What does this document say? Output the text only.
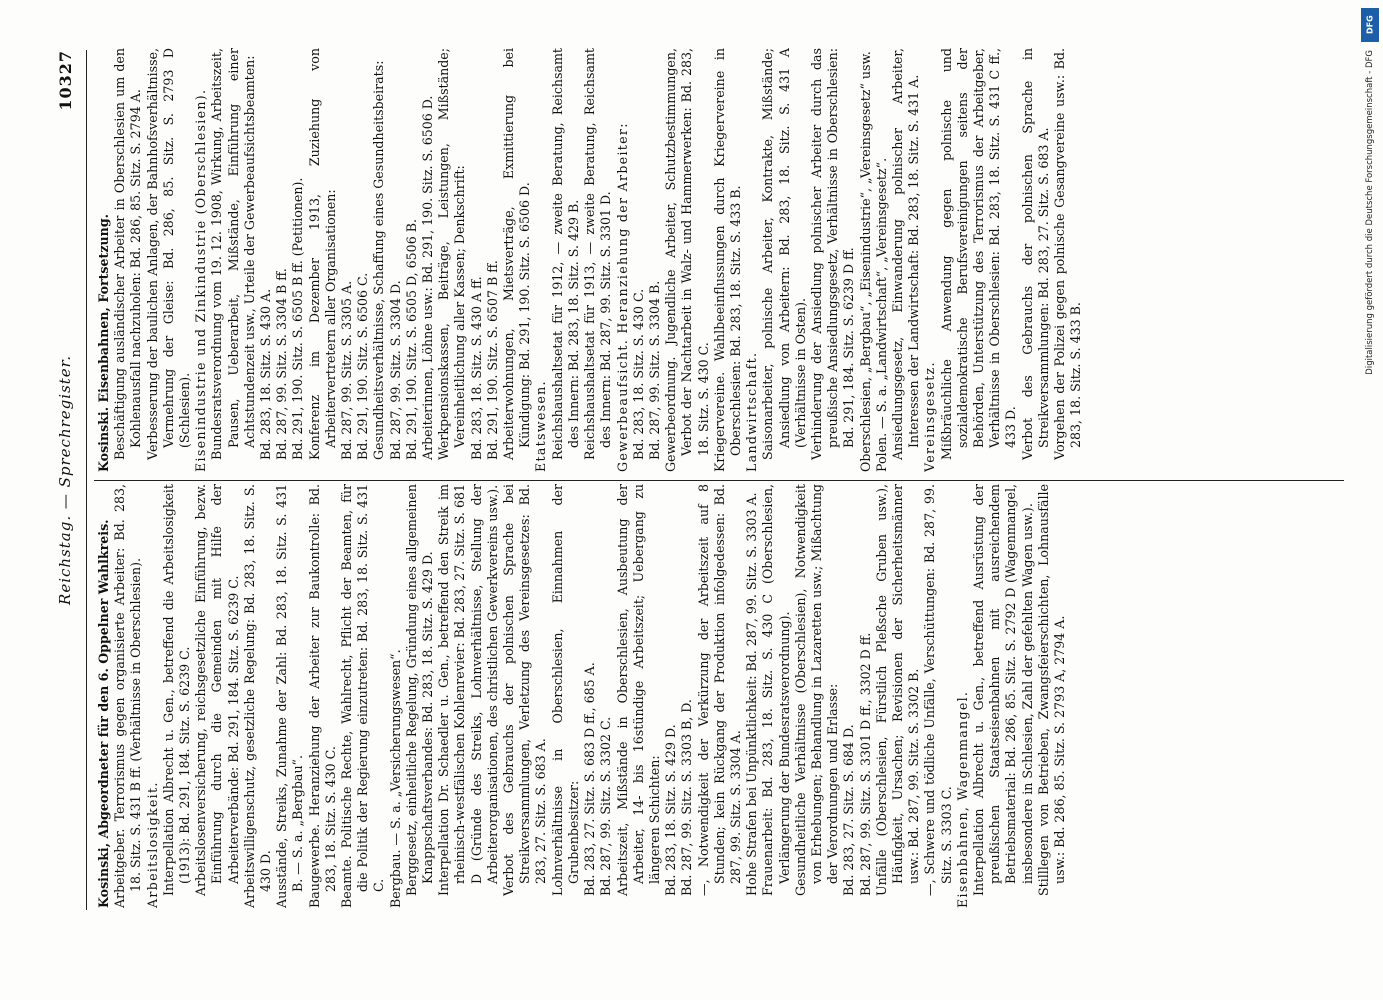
Reichstag. — Sprechregister.
10327

Kosinski, Abgeordneter für den 6. Oppelner Wahlkreis. Arbeitgeber. Terrorismus gegen organisierte Arbeiter: Bd. 283, 18. Sitz. S. 431 B ff. (Verhältnisse in Oberschlesien). Arbeitslosigkeit. Interpellation Albrecht u. Gen., betreffend die Arbeitslosigkeit (1913): Bd. 291, 184. Sitz. S. 6239 C. Arbeitslosenversicherung, reichsgesetzliche Einführung, bezw. Einführung durch die Gemeinden mit Hilfe der Arbeiterverbände: Bd. 291, 184. Sitz. S. 6239 C. Arbeitswilligenschutz, gesetzliche Regelung: Bd. 283, 18. Sitz. S. 430 D. Ausstände, Streiks, Zunahme der Zahl: Bd. 283, 18. Sitz. S. 431 B. — S. a. „Bergbau“. Baugewerbe. Heranziehung der Arbeiter zur Baukontrolle: Bd. 283, 18. Sitz. S. 430 C. Beamte. Politische Rechte, Wahlrecht, Pflicht der Beamten, für die Politik der Regierung einzutreten: Bd. 283, 18. Sitz. S. 431 C. Bergbau. — S. a. „Versicherungswesen“. Berggesetz, einheitliche Regelung, Gründung eines allgemeinen Knappschaftsverbandes: Bd. 283, 18. Sitz. S. 429 D. Interpellation Dr. Schaedler u. Gen., betreffend den Streik im rheinisch-westfälischen Kohlenrevier: Bd. 283, 27. Sitz. S. 681 D (Gründe des Streiks, Lohnverhältnisse, Stellung der Arbeiterorganisationen, des christlichen Gewerkvereins usw.). Verbot des Gebrauchs der polnischen Sprache bei Streikversammlungen, Verletzung des Vereinsgesetzes: Bd. 283, 27. Sitz. S. 683 A. Lohnverhältnisse in Oberschlesien, Einnahmen der Grubenbesitzer: Bd. 283, 27. Sitz. S. 683 D ff., 685 A. Bd. 287, 99. Sitz. S. 3302 C. Arbeitszeit, Mißstände in Oberschlesien, Ausbeutung der Arbeiter, 14- bis 16stündige Arbeitszeit; Uebergang zu längeren Schichten: Bd. 283, 18. Sitz. S. 429 D. Bd. 287, 99. Sitz. S. 3303 B, D. —, Notwendigkeit der Verkürzung der Arbeitszeit auf 8 Stunden; kein Rückgang der Produktion infolgedessen: Bd. 287, 99. Sitz. S. 3304 A. Hohe Strafen bei Unpünktlichkeit: Bd. 287, 99. Sitz. S. 3303 A. Frauenarbeit: Bd. 283, 18. Sitz. S. 430 C (Oberschlesien, Verlängerung der Bundesratsverordnung). Gesundheitliche Verhältnisse (Oberschlesien), Notwendigkeit von Erhebungen; Behandlung in Lazaretten usw.; Mißachtung der Verordnungen und Erlasse: Bd. 283, 27. Sitz. S. 684 D. Bd. 287, 99. Sitz. S. 3301 D ff., 3302 D ff. Unfälle (Oberschlesien, Fürstlich Pleßsche Gruben usw.), Häufigkeit, Ursachen; Revisionen der Sicherheitsmänner usw.: Bd. 287, 99. Sitz. S. 3302 B. —, Schwere und tödliche Unfälle, Verschüttungen: Bd. 287, 99. Sitz. S. 3303 C. Eisenbahnen, Wagenmangel. Interpellation Albrecht u. Gen., betreffend Ausrüstung der preußischen Staatseisenbahnen mit ausreichendem Betriebsmaterial: Bd. 286, 85. Sitz. S. 2792 D (Wagenmangel, insbesondere in Schlesien, Zahl der gefehlten Wagen usw.). Stilllegen von Betrieben, Zwangsfeierschichten, Lohnausfälle usw.: Bd. 286, 85. Sitz. S. 2793 A, 2794 A.

Kosinski. Eisenbahnen, Fortsetzung. Beschäftigung ausländischer Arbeiter in Oberschlesien um den Kohlenausfall nachzuholen: Bd. 286, 85. Sitz. S. 2794 A. Verbesserung der baulichen Anlagen, der Bahnhofsverhältnisse, Vermehrung der Gleise: Bd. 286, 85. Sitz. S. 2793 D (Schlesien). Eisenindustrie und Zinkindustrie (Oberschlesien). Bundesratsverordnung vom 19. 12. 1908, Wirkung, Arbeitszeit, Pausen, Ueberarbeit, Mißstände, Einführung einer Achtstundenzeit usw., Urteile der Gewerbeaufsichtsbeamten: Bd. 283, 18. Sitz. S. 430 A. Bd. 287, 99. Sitz. S. 3304 B ff. Bd. 291, 190. Sitz. S. 6505 B ff. (Petitionen). Konferenz im Dezember 1913, Zuziehung von Arbeitervertretern aller Organisationen: Bd. 287, 99. Sitz. S. 3305 A. Bd. 291, 190. Sitz. S. 6506 C. Gesundheitsverhältnisse, Schaffung eines Gesundheitsbeirats: Bd. 287, 99. Sitz. S. 3304 D. Bd. 291, 190. Sitz. S. 6505 D, 6506 B. Arbeiterinnen, Löhne usw.: Bd. 291, 190. Sitz. S. 6506 D. Werkpensionskassen, Beiträge, Leistungen, Mißstände; Vereinheitlichung aller Kassen; Denkschrift: Bd. 283, 18. Sitz. S. 430 A ff. Bd. 291, 190. Sitz. S. 6507 B ff. Arbeiterwohnungen, Mietsverträge, Exmittierung bei Kündigung: Bd. 291, 190. Sitz. S. 6506 D. Etatswesen. Reichshaushaltsetat für 1912, — zweite Beratung, Reichsamt des Innern: Bd. 283, 18. Sitz. S. 429 B. Reichshaushaltsetat für 1913, — zweite Beratung, Reichsamt des Innern: Bd. 287, 99. Sitz. S. 3301 D. Gewerbeaufsicht. Heranziehung der Arbeiter: Bd. 283, 18. Sitz. S. 430 C. Bd. 287, 99. Sitz. S. 3304 B. Gewerbeordnung. Jugendliche Arbeiter, Schutzbestimmungen, Verbot der Nachtarbeit in Walz- und Hammerwerken: Bd. 283, 18. Sitz. S. 430 C. Kriegervereine. Wahlbeeinflussungen durch Kriegervereine in Oberschlesien: Bd. 283, 18. Sitz. S. 433 B. Landwirtschaft. Saisonarbeiter, polnische Arbeiter, Kontrakte, Mißstände; Ansiedlung von Arbeitern: Bd. 283, 18. Sitz. S. 431 A (Verhältnisse in Osten). Verhinderung der Ansiedlung polnischer Arbeiter durch das preußische Ansiedlungsgesetz, Verhältnisse in Oberschlesien: Bd. 291, 184. Sitz. S. 6239 D ff. Oberschlesien, „Bergbau“, „Eisenindustrie“, „Vereinsgesetz“ usw. Polen. — S. a. „Landwirtschaft“, „Vereinsgesetz“. Ansiedlungsgesetz, Einwanderung polnischer Arbeiter, Interessen der Landwirtschaft: Bd. 283, 18. Sitz. S. 431 A. Vereinsgesetz. Mißbräuchliche Anwendung gegen polnische und sozialdemokratische Berufsvereinigungen seitens der Behörden, Unterstützung des Terrorismus der Arbeitgeber, Verhältnisse in Oberschlesien: Bd. 283, 18. Sitz. S. 431 C ff., 433 D. Verbot des Gebrauchs der polnischen Sprache in Streikversammlungen: Bd. 283, 27. Sitz. S. 683 A. Vorgehen der Polizei gegen polnische Gesangvereine usw.: Bd. 283, 18. Sitz. S. 433 B.

DFG
Digitalisierung gefördert durch die Deutsche Forschungsgemeinschaft - DFG
